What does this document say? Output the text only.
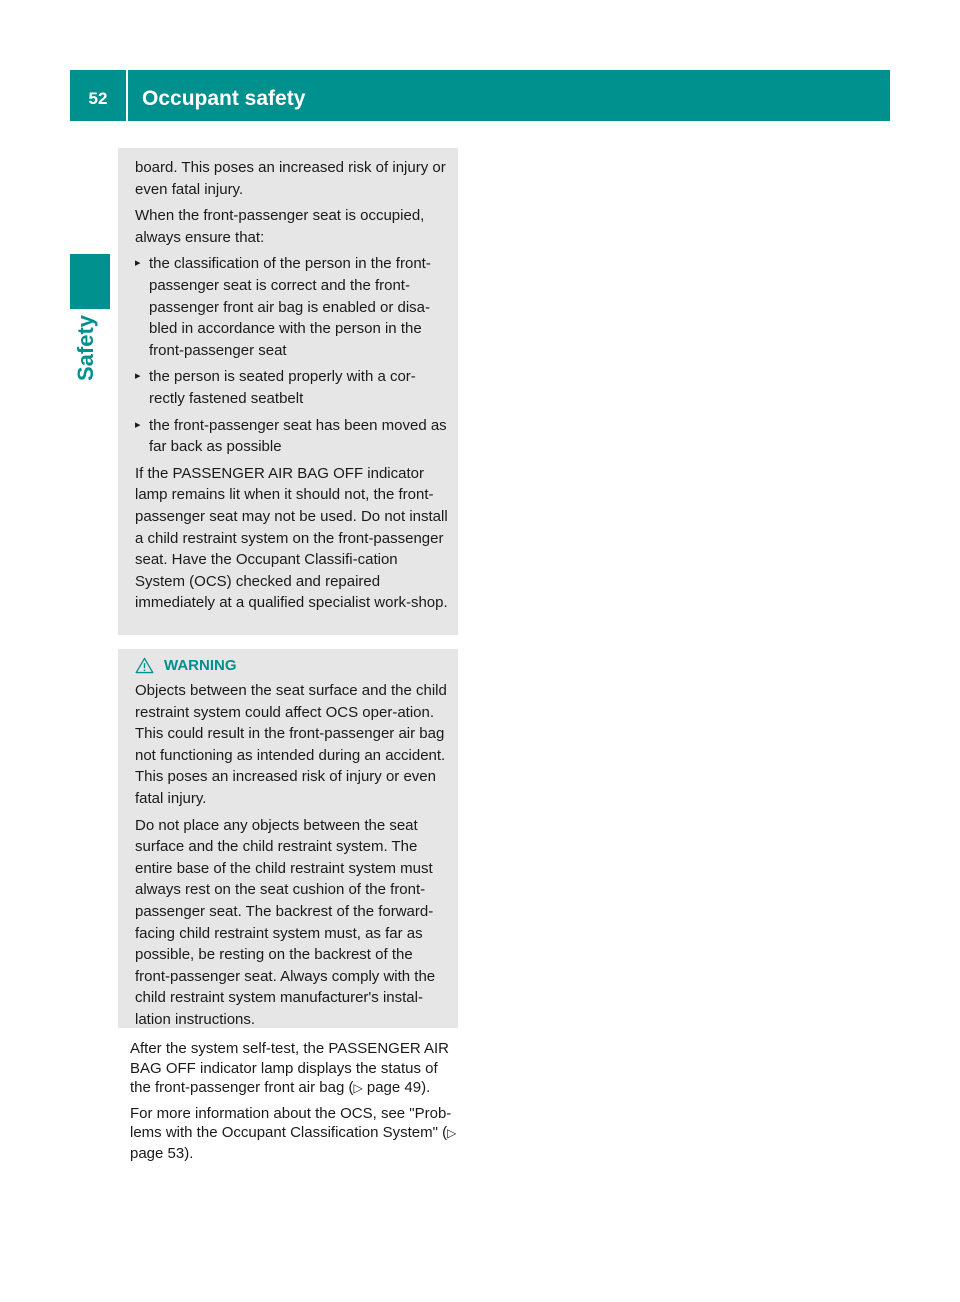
52	Occupant safety
Safety

board. This poses an increased risk of injury or even fatal injury.

When the front-passenger seat is occupied, always ensure that:

▸ the classification of the person in the front-passenger seat is correct and the front-passenger front air bag is enabled or disa-bled in accordance with the person in the front-passenger seat
▸ the person is seated properly with a cor-rectly fastened seatbelt
▸ the front-passenger seat has been moved as far back as possible

If the PASSENGER AIR BAG OFF indicator lamp remains lit when it should not, the front-passenger seat may not be used. Do not install a child restraint system on the front-passenger seat. Have the Occupant Classifi-cation System (OCS) checked and repaired immediately at a qualified specialist work-shop.

WARNING

Objects between the seat surface and the child restraint system could affect OCS oper-ation. This could result in the front-passenger air bag not functioning as intended during an accident. This poses an increased risk of injury or even fatal injury.

Do not place any objects between the seat surface and the child restraint system. The entire base of the child restraint system must always rest on the seat cushion of the front-passenger seat. The backrest of the forward-facing child restraint system must, as far as possible, be resting on the backrest of the front-passenger seat. Always comply with the child restraint system manufacturer's instal-lation instructions.

After the system self-test, the PASSENGER AIR BAG OFF indicator lamp displays the status of the front-passenger front air bag (▷ page 49).

For more information about the OCS, see "Prob-lems with the Occupant Classification System" (▷ page 53).
